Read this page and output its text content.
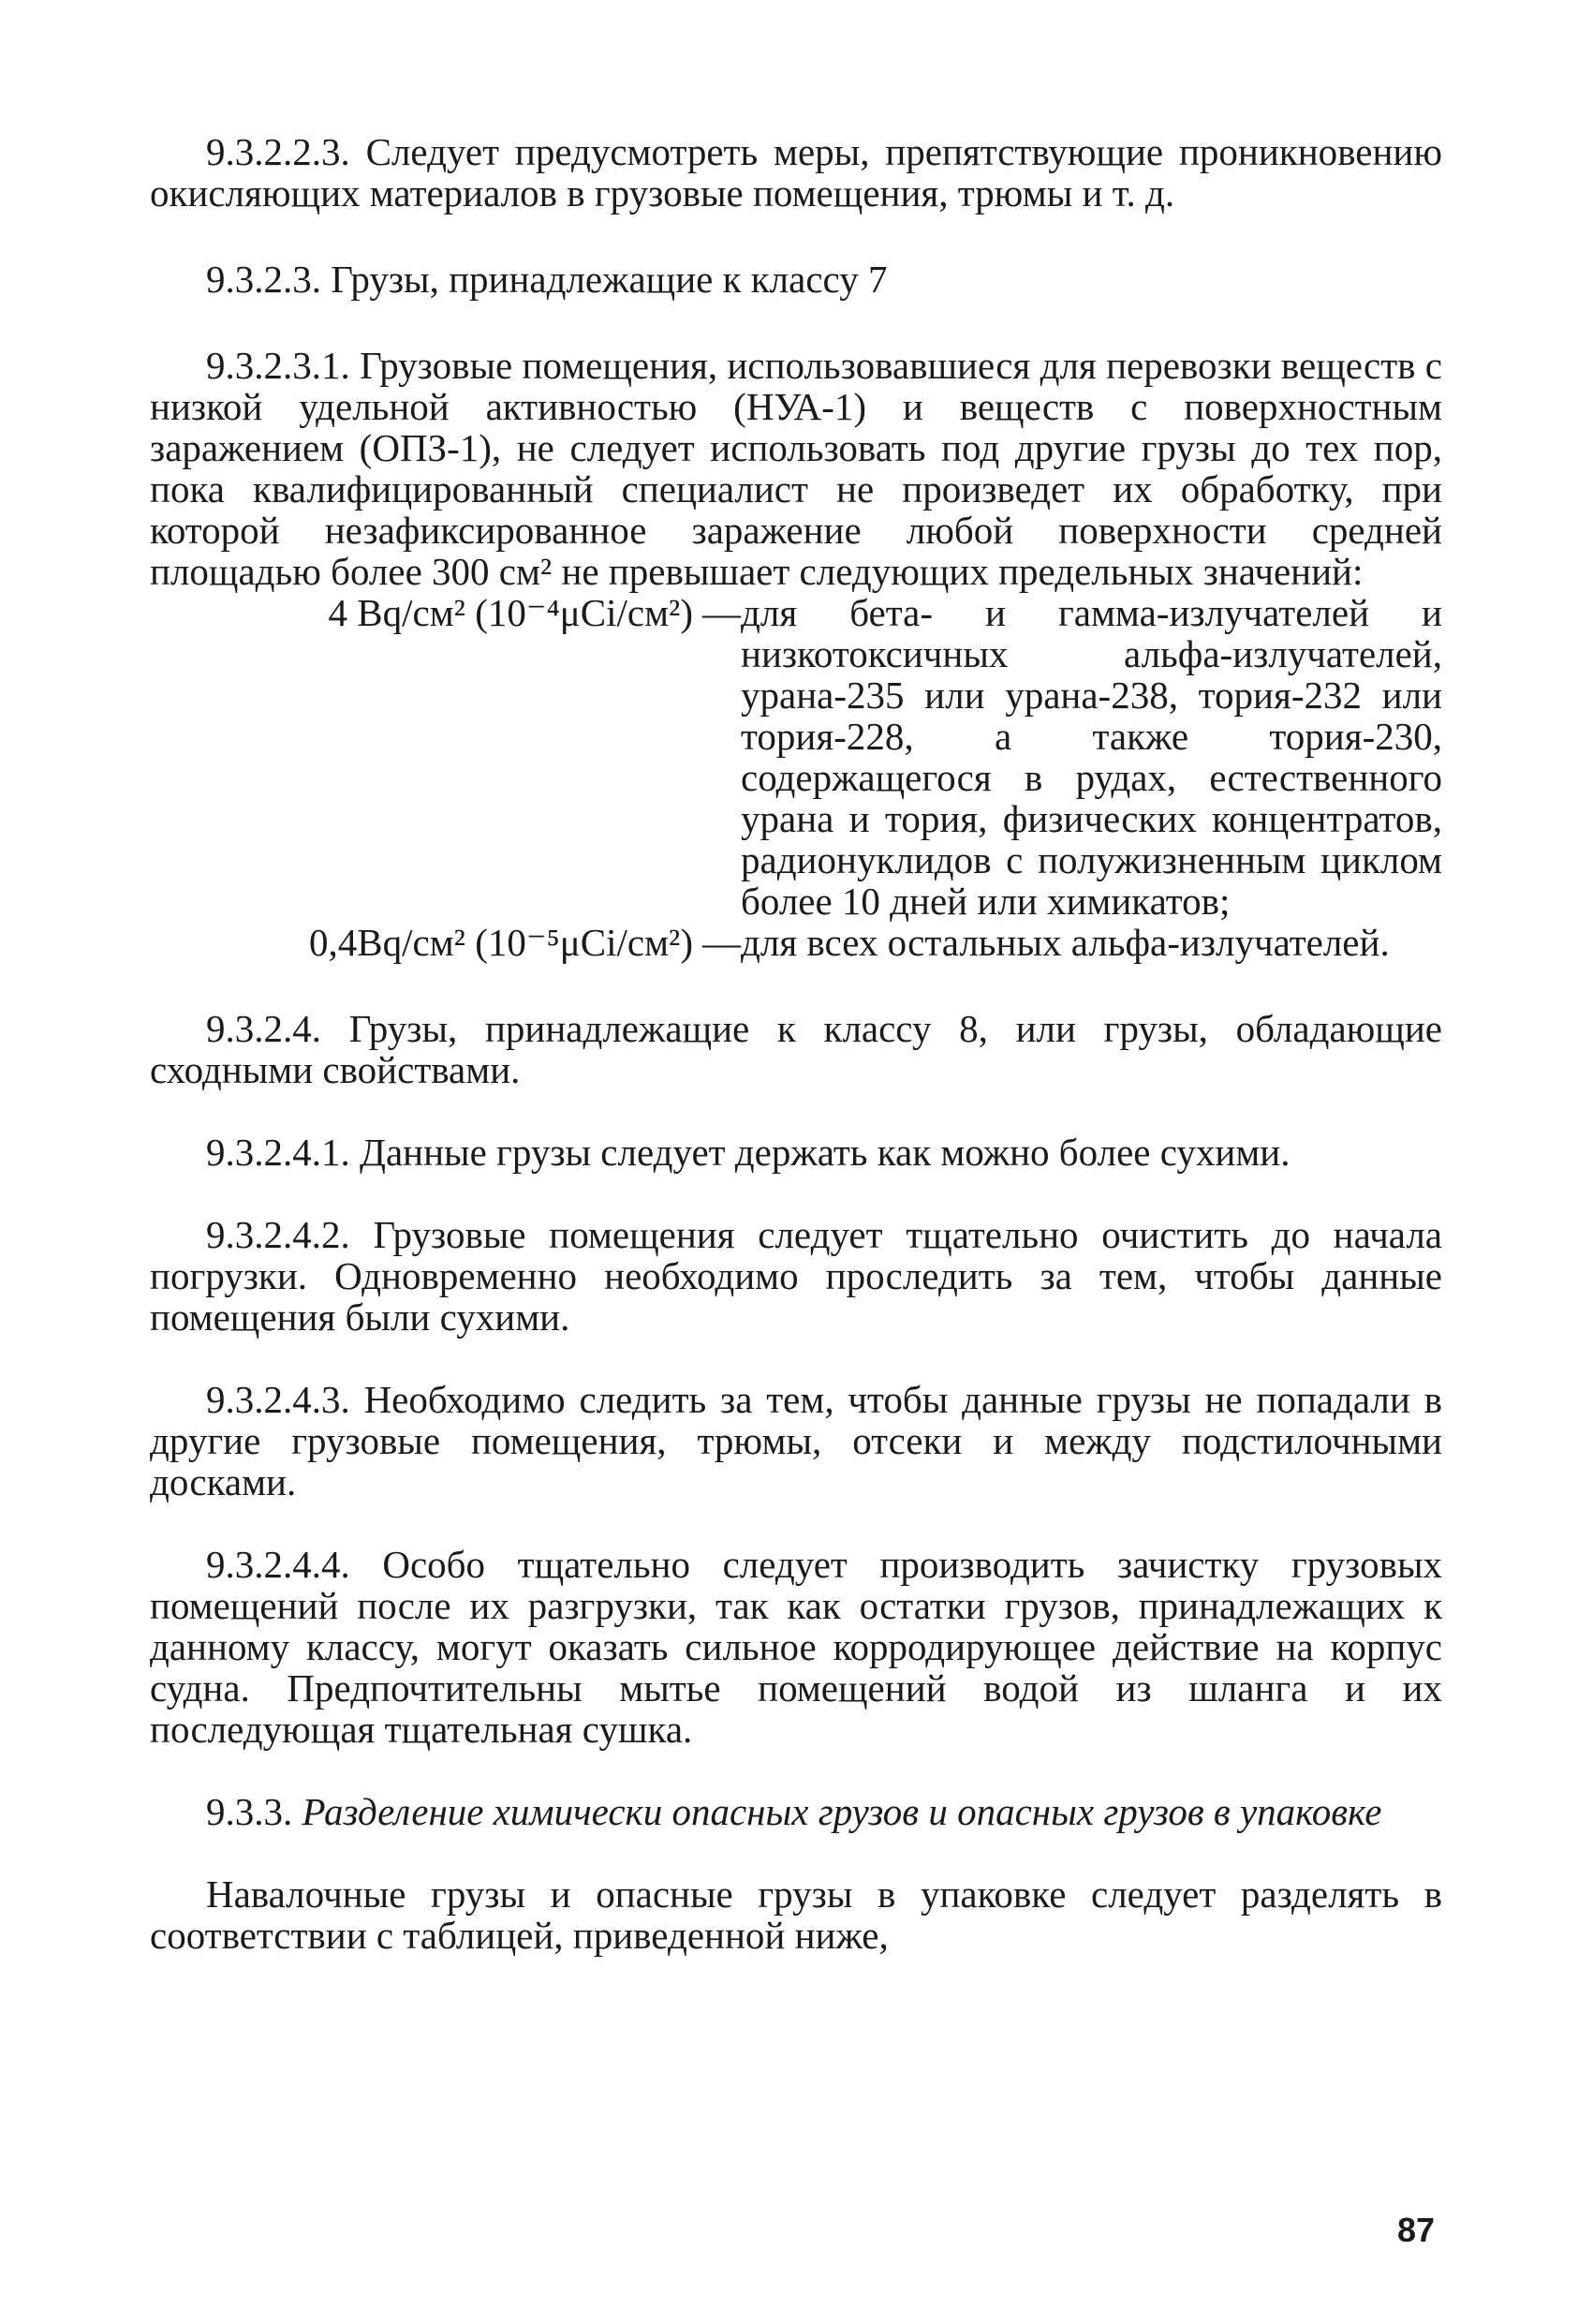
9.3.2.2.3. Следует предусмотреть меры, препятствующие проникновению окисляющих материалов в грузовые помещения, трюмы и т. д.

9.3.2.3. Грузы, принадлежащие к классу 7

9.3.2.3.1. Грузовые помещения, использовавшиеся для перевозки веществ с низкой удельной активностью (НУА-1) и веществ с поверхностным заражением (ОПЗ-1), не следует использовать под другие грузы до тех пор, пока квалифицированный специалист не произведет их обработку, при которой незафиксированное заражение любой поверхности средней площадью более 300 см² не превышает следующих предельных значений:

4 Bq/см² (10⁻⁴μCi/см²)	—	для бета- и гамма-излучателей и низкотоксичных альфа-излучателей, урана-235 или урана-238, тория-232 или тория-228, а также тория-230, содержащегося в рудах, естественного урана и тория, физических концентратов, радионуклидов с полужизненным циклом более 10 дней или химикатов;
0,4Bq/см² (10⁻⁵μCi/см²)	—	для всех остальных альфа-излучателей.

9.3.2.4. Грузы, принадлежащие к классу 8, или грузы, обладающие сходными свойствами.

9.3.2.4.1. Данные грузы следует держать как можно более сухими.

9.3.2.4.2. Грузовые помещения следует тщательно очистить до начала погрузки. Одновременно необходимо проследить за тем, чтобы данные помещения были сухими.

9.3.2.4.3. Необходимо следить за тем, чтобы данные грузы не попадали в другие грузовые помещения, трюмы, отсеки и между подстилочными досками.

9.3.2.4.4. Особо тщательно следует производить зачистку грузовых помещений после их разгрузки, так как остатки грузов, принадлежащих к данному классу, могут оказать сильное корродирующее действие на корпус судна. Предпочтительны мытье помещений водой из шланга и их последующая тщательная сушка.

9.3.3. Разделение химически опасных грузов и опасных грузов в упаковке

Навалочные грузы и опасные грузы в упаковке следует разделять в соответствии с таблицей, приведенной ниже,

87
